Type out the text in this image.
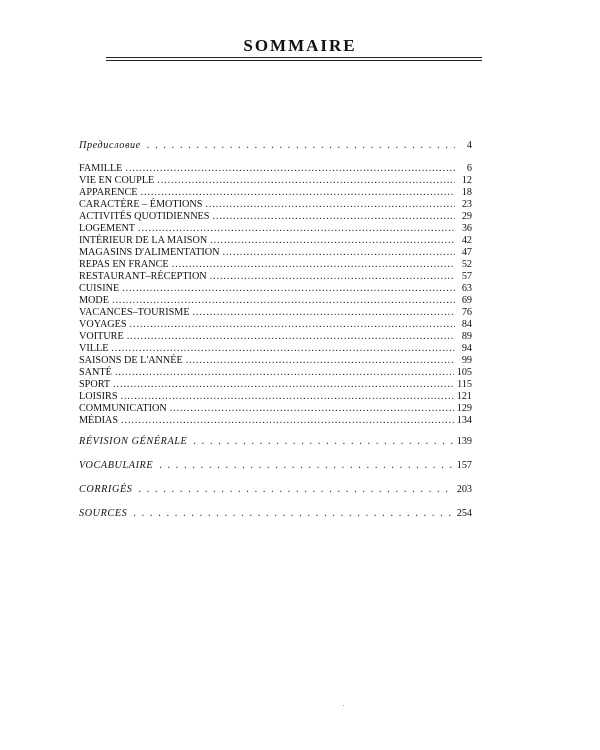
SOMMAIRE
Предисловие . . .	4
FAMILLE .....	6
VIE EN COUPLE .....	12
APPARENCE .....	18
CARACTÈRE – ÉMOTIONS .....	23
ACTIVITÉS QUOTIDIENNES .....	29
LOGEMENT .....	36
INTÉRIEUR DE LA MAISON .....	42
MAGASINS D'ALIMENTATION .....	47
REPAS EN FRANCE .....	52
RESTAURANT–RÉCEPTION .....	57
CUISINE .....	63
MODE .....	69
VACANCES–TOURISME .....	76
VOYAGES .....	84
VOITURE .....	89
VILLE .....	94
SAISONS DE L'ANNÉE .....	99
SANTÉ .....	105
SPORT .....	115
LOISIRS .....	121
COMMUNICATION .....	129
MÉDIAS .....	134
RÉVISION GÉNÉRALE . . .	139
VOCABULAIRE . . .	157
CORRIGÉS . . .	203
SOURCES . . .	254
